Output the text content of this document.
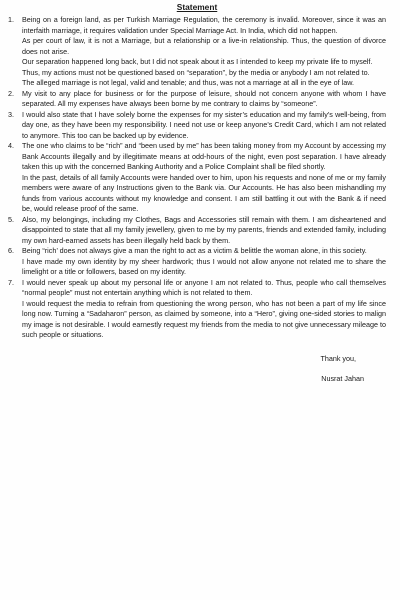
Statement
1. Being on a foreign land, as per Turkish Marriage Regulation, the ceremony is invalid. Moreover, since it was an interfaith marriage, it requires validation under Special Marriage Act. In India, which did not happen.

As per court of law, it is not a Marriage, but a relationship or a live-in relationship. Thus, the question of divorce does not arise.

Our separation happened long back, but I did not speak about it as I intended to keep my private life to myself.

Thus, my actions must not be questioned based on “separation”, by the media or anybody I am not related to.

The alleged marriage is not legal, valid and tenable; and thus, was not a marriage at all in the eye of law.

2. My visit to any place for business or for the purpose of leisure, should not concern anyone with whom I have separated. All my expenses have always been borne by me contrary to claims by “someone”.

3. I would also state that I have solely borne the expenses for my sister’s education and my family’s well-being, from day one, as they have been my responsibility. I need not use or keep anyone’s Credit Card, which I am not related to anymore. This too can be backed up by evidence.

4. The one who claims to be “rich” and “been used by me” has been taking money from my Account by accessing my Bank Accounts illegally and by illegitimate means at odd-hours of the night, even post separation. I have already taken this up with the concerned Banking Authority and a Police Complaint shall be filed shortly.

In the past, details of all family Accounts were handed over to him, upon his requests and none of me or my family members were aware of any Instructions given to the Bank via. Our Accounts. He has also been mishandling my funds from various accounts without my knowledge and consent. I am still battling it out with the Bank & if need be, would release proof of the same.

5. Also, my belongings, including my Clothes, Bags and Accessories still remain with them. I am disheartened and disappointed to state that all my family jewellery, given to me by my parents, friends and extended family, including my own hard-earned assets has been illegally held back by them.

6. Being “rich’ does not always give a man the right to act as a victim & belittle the woman alone, in this society.

I have made my own identity by my sheer hardwork; thus I would not allow anyone not related me to share the limelight or a title or followers, based on my identity.

7. I would never speak up about my personal life or anyone I am not related to. Thus, people who call themselves “normal people” must not entertain anything which is not related to them.

I would request the media to refrain from questioning the wrong person, who has not been a part of my life since long now. Turning a “Sadaharon” person, as claimed by someone, into a “Hero”, giving one-sided stories to malign my image is not desirable. I would earnestly request my friends from the media to not give unnecessary mileage to such people or situations.

Thank you,
Nusrat Jahan
